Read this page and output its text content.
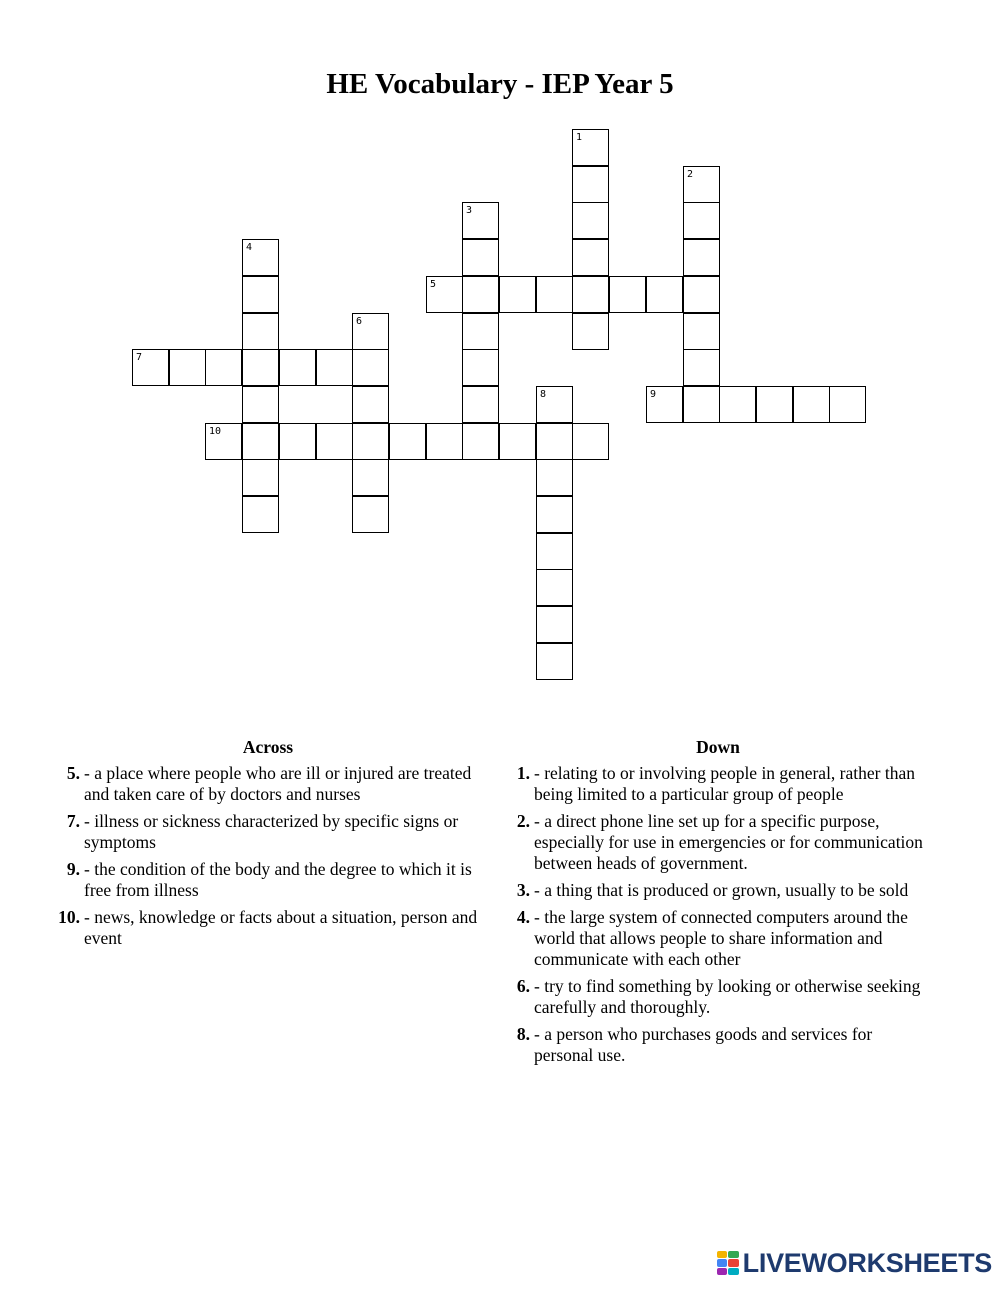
HE Vocabulary - IEP Year 5
1
2
3
4
5
6
7
8	9
10
Across
5. - a place where people who are ill or injured are treated and taken care of by doctors and nurses
7. - illness or sickness characterized by specific signs or symptoms
9. - the condition of the body and the degree to which it is free from illness
10. - news, knowledge or facts about a situation, person and event
Down
1. - relating to or involving people in general, rather than being limited to a particular group of people
2. - a direct phone line set up for a specific purpose, especially for use in emergencies or for communication between heads of government.
3. - a thing that is produced or grown, usually to be sold
4. - the large system of connected computers around the world that allows people to share information and communicate with each other
6. - try to find something by looking or otherwise seeking carefully and thoroughly.
8. - a person who purchases goods and services for personal use.
LIVEWORKSHEETS
